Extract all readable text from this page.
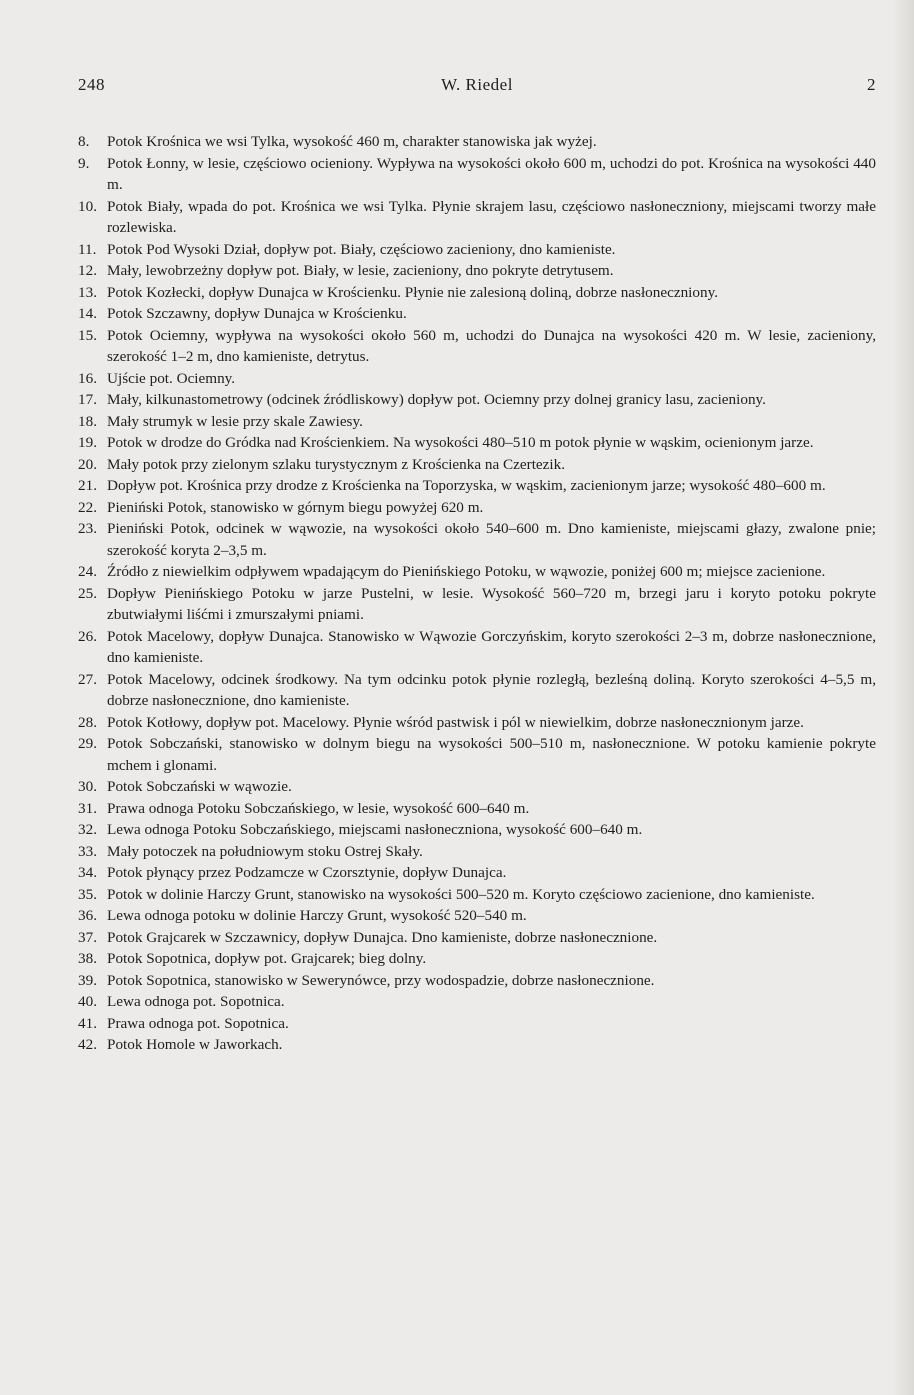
248	W. Riedel	2
8.	Potok Krośnica we wsi Tylka, wysokość 460 m, charakter stanowiska jak wyżej.
9.	Potok Łonny, w lesie, częściowo ocieniony. Wypływa na wysokości około 600 m, uchodzi do pot. Krośnica na wysokości 440 m.
10. Potok Biały, wpada do pot. Krośnica we wsi Tylka. Płynie skrajem lasu, częściowo nasłoneczniony, miejscami tworzy małe rozlewiska.
11. Potok Pod Wysoki Dział, dopływ pot. Biały, częściowo zacieniony, dno kamieniste.
12. Mały, lewobrzeżny dopływ pot. Biały, w lesie, zacieniony, dno pokryte detrytusem.
13. Potok Kozłecki, dopływ Dunajca w Krościenku. Płynie nie zalesioną doliną, dobrze nasłoneczniony.
14. Potok Szczawny, dopływ Dunajca w Krościenku.
15. Potok Ociemny, wypływa na wysokości około 560 m, uchodzi do Dunajca na wysokości 420 m. W lesie, zacieniony, szerokość 1–2 m, dno kamieniste, detrytus.
16. Ujście pot. Ociemny.
17. Mały, kilkunastometrowy (odcinek źródliskowy) dopływ pot. Ociemny przy dolnej granicy lasu, zacieniony.
18. Mały strumyk w lesie przy skale Zawiesy.
19. Potok w drodze do Gródka nad Krościenkiem. Na wysokości 480–510 m potok płynie w wąskim, ocienionym jarze.
20. Mały potok przy zielonym szlaku turystycznym z Krościenka na Czertezik.
21. Dopływ pot. Krośnica przy drodze z Krościenka na Toporzyska, w wąskim, zacienionym jarze; wysokość 480–600 m.
22. Pieniński Potok, stanowisko w górnym biegu powyżej 620 m.
23. Pieniński Potok, odcinek w wąwozie, na wysokości około 540–600 m. Dno kamieniste, miejscami głazy, zwalone pnie; szerokość koryta 2–3,5 m.
24. Źródło z niewielkim odpływem wpadającym do Pienińskiego Potoku, w wąwozie, poniżej 600 m; miejsce zacienione.
25. Dopływ Pienińskiego Potoku w jarze Pustelni, w lesie. Wysokość 560–720 m, brzegi jaru i koryto potoku pokryte zbutwiałymi liśćmi i zmurszałymi pniami.
26. Potok Macelowy, dopływ Dunajca. Stanowisko w Wąwozie Gorczyńskim, koryto szerokości 2–3 m, dobrze nasłonecznione, dno kamieniste.
27. Potok Macelowy, odcinek środkowy. Na tym odcinku potok płynie rozległą, bezleśną doliną. Koryto szerokości 4–5,5 m, dobrze nasłonecznione, dno kamieniste.
28. Potok Kotłowy, dopływ pot. Macelowy. Płynie wśród pastwisk i pól w niewielkim, dobrze nasłonecznionym jarze.
29. Potok Sobczański, stanowisko w dolnym biegu na wysokości 500–510 m, nasłonecznione. W potoku kamienie pokryte mchem i glonami.
30. Potok Sobczański w wąwozie.
31. Prawa odnoga Potoku Sobczańskiego, w lesie, wysokość 600–640 m.
32. Lewa odnoga Potoku Sobczańskiego, miejscami nasłoneczniona, wysokość 600–640 m.
33. Mały potoczek na południowym stoku Ostrej Skały.
34. Potok płynący przez Podzamcze w Czorsztynie, dopływ Dunajca.
35. Potok w dolinie Harczy Grunt, stanowisko na wysokości 500–520 m. Koryto częściowo zacienione, dno kamieniste.
36. Lewa odnoga potoku w dolinie Harczy Grunt, wysokość 520–540 m.
37. Potok Grajcarek w Szczawnicy, dopływ Dunajca. Dno kamieniste, dobrze nasłonecznione.
38. Potok Sopotnica, dopływ pot. Grajcarek; bieg dolny.
39. Potok Sopotnica, stanowisko w Sewerynówce, przy wodospadzie, dobrze nasłonecznione.
40. Lewa odnoga pot. Sopotnica.
41. Prawa odnoga pot. Sopotnica.
42. Potok Homole w Jaworkach.
